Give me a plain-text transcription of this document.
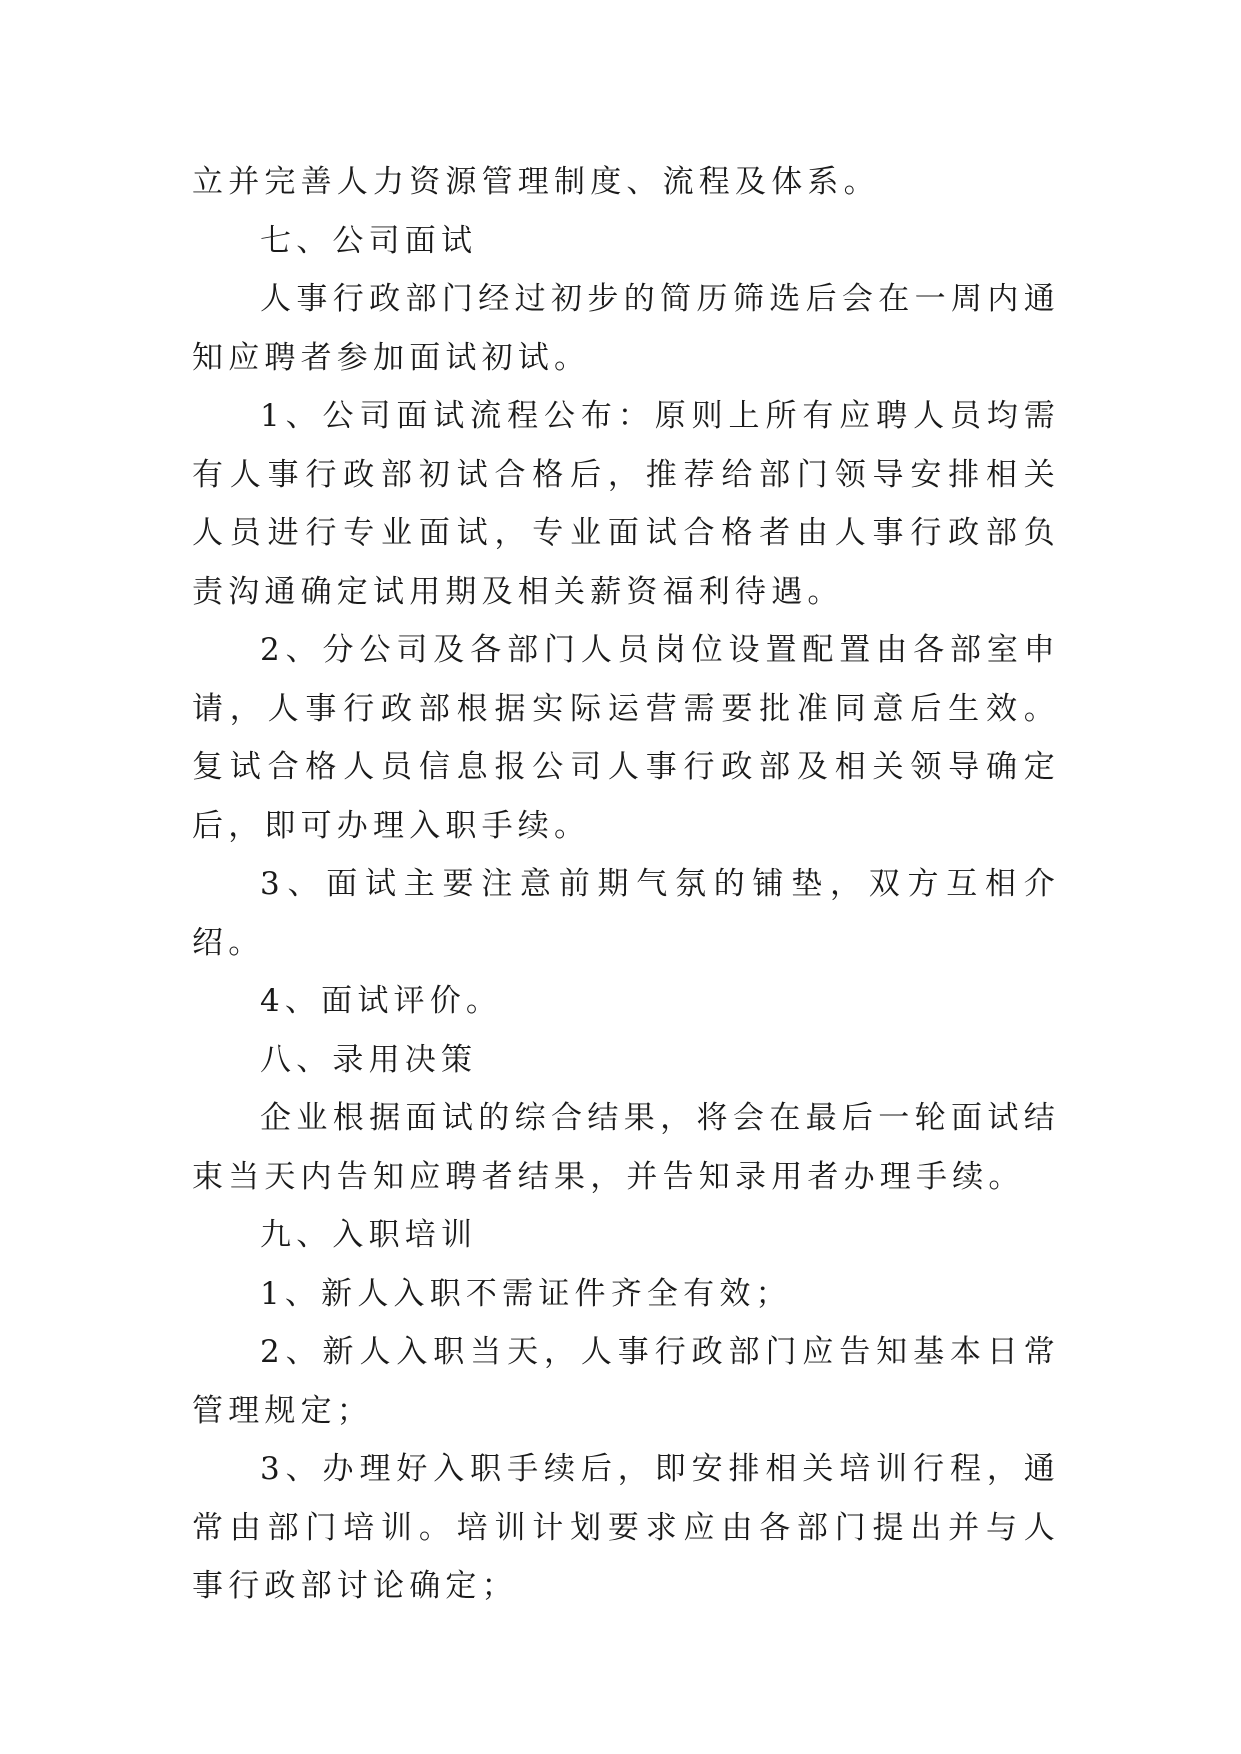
立并完善人力资源管理制度、流程及体系。

七、公司面试

人事行政部门经过初步的简历筛选后会在一周内通知应聘者参加面试初试。

1、公司面试流程公布：原则上所有应聘人员均需有人事行政部初试合格后，推荐给部门领导安排相关人员进行专业面试，专业面试合格者由人事行政部负责沟通确定试用期及相关薪资福利待遇。

2、分公司及各部门人员岗位设置配置由各部室申请，人事行政部根据实际运营需要批准同意后生效。复试合格人员信息报公司人事行政部及相关领导确定后，即可办理入职手续。

3、面试主要注意前期气氛的铺垫，双方互相介绍。

4、面试评价。

八、录用决策

企业根据面试的综合结果，将会在最后一轮面试结束当天内告知应聘者结果，并告知录用者办理手续。

九、入职培训

1、新人入职不需证件齐全有效；

2、新人入职当天，人事行政部门应告知基本日常管理规定；

3、办理好入职手续后，即安排相关培训行程，通常由部门培训。培训计划要求应由各部门提出并与人事行政部讨论确定；
